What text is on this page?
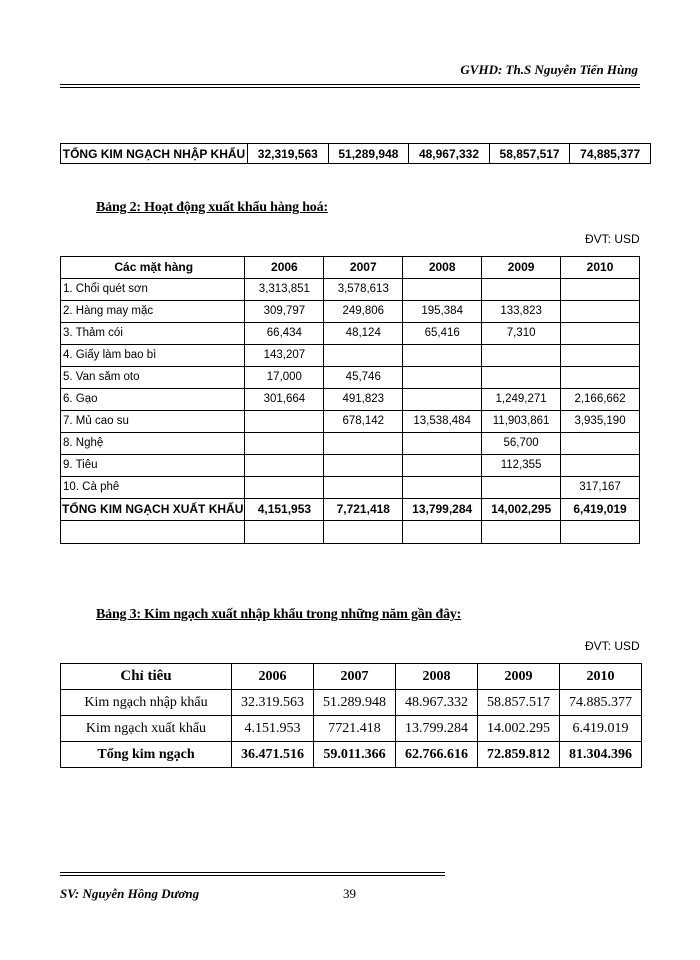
GVHD: Th.S Nguyễn Tiến Hùng
TỔNG KIM NGẠCH NHẬP KHẨU	32,319,563	51,289,948	48,967,332	58,857,517	74,885,377
Bảng 2: Hoạt động xuất khẩu hàng hoá:
ĐVT: USD
Các mặt hàng	2006	2007	2008	2009	2010
1. Chổi quét sơn	3,313,851	3,578,613			
2. Hàng may mặc	309,797	249,806	195,384	133,823	
3. Thảm cói	66,434	48,124	65,416	7,310	
4. Giấy làm bao bì	143,207				
5. Van săm oto	17,000	45,746			
6. Gạo	301,664	491,823		1,249,271	2,166,662
7. Mủ cao su		678,142	13,538,484	11,903,861	3,935,190
8. Nghệ				56,700	
9. Tiêu				112,355	
10. Cà phê					317,167
TỔNG KIM NGẠCH XUẤT KHẨU	4,151,953	7,721,418	13,799,284	14,002,295	6,419,019

Bảng 3: Kim ngạch xuất nhập khẩu trong những năm gần đây:
ĐVT: USD
Chỉ tiêu	2006	2007	2008	2009	2010
Kim ngạch nhập khẩu	32.319.563	51.289.948	48.967.332	58.857.517	74.885.377
Kim ngạch xuất khẩu	4.151.953	7721.418	13.799.284	14.002.295	6.419.019
Tổng kim ngạch	36.471.516	59.011.366	62.766.616	72.859.812	81.304.396
SV: Nguyễn Hồng Dương	39
